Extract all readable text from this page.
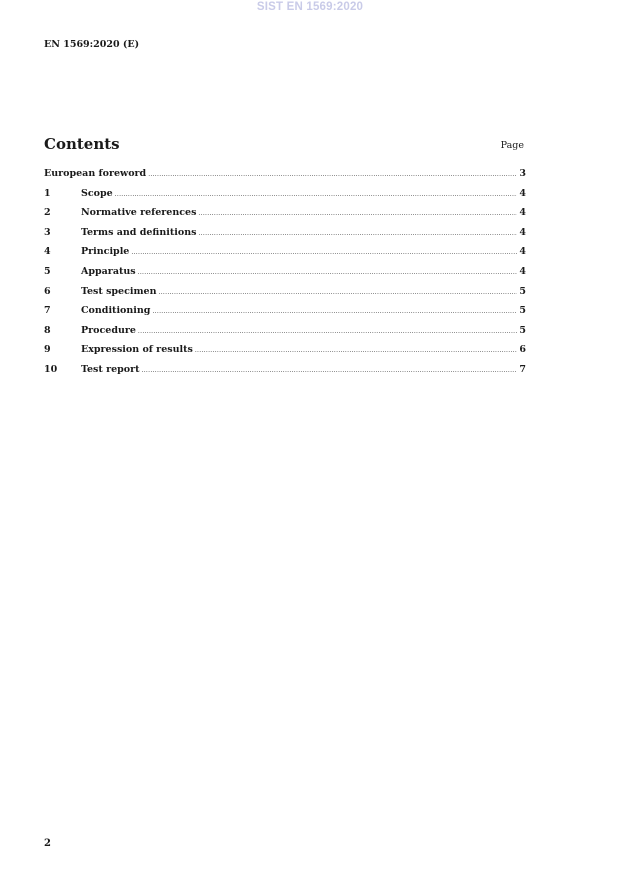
SIST EN 1569:2020
EN 1569:2020 (E)
Contents	Page
European foreword .....	3
1	Scope .....	4
2	Normative references .....	4
3	Terms and definitions .....	4
4	Principle .....	4
5	Apparatus .....	4
6	Test specimen .....	5
7	Conditioning .....	5
8	Procedure .....	5
9	Expression of results .....	6
10	Test report .....	7
2
